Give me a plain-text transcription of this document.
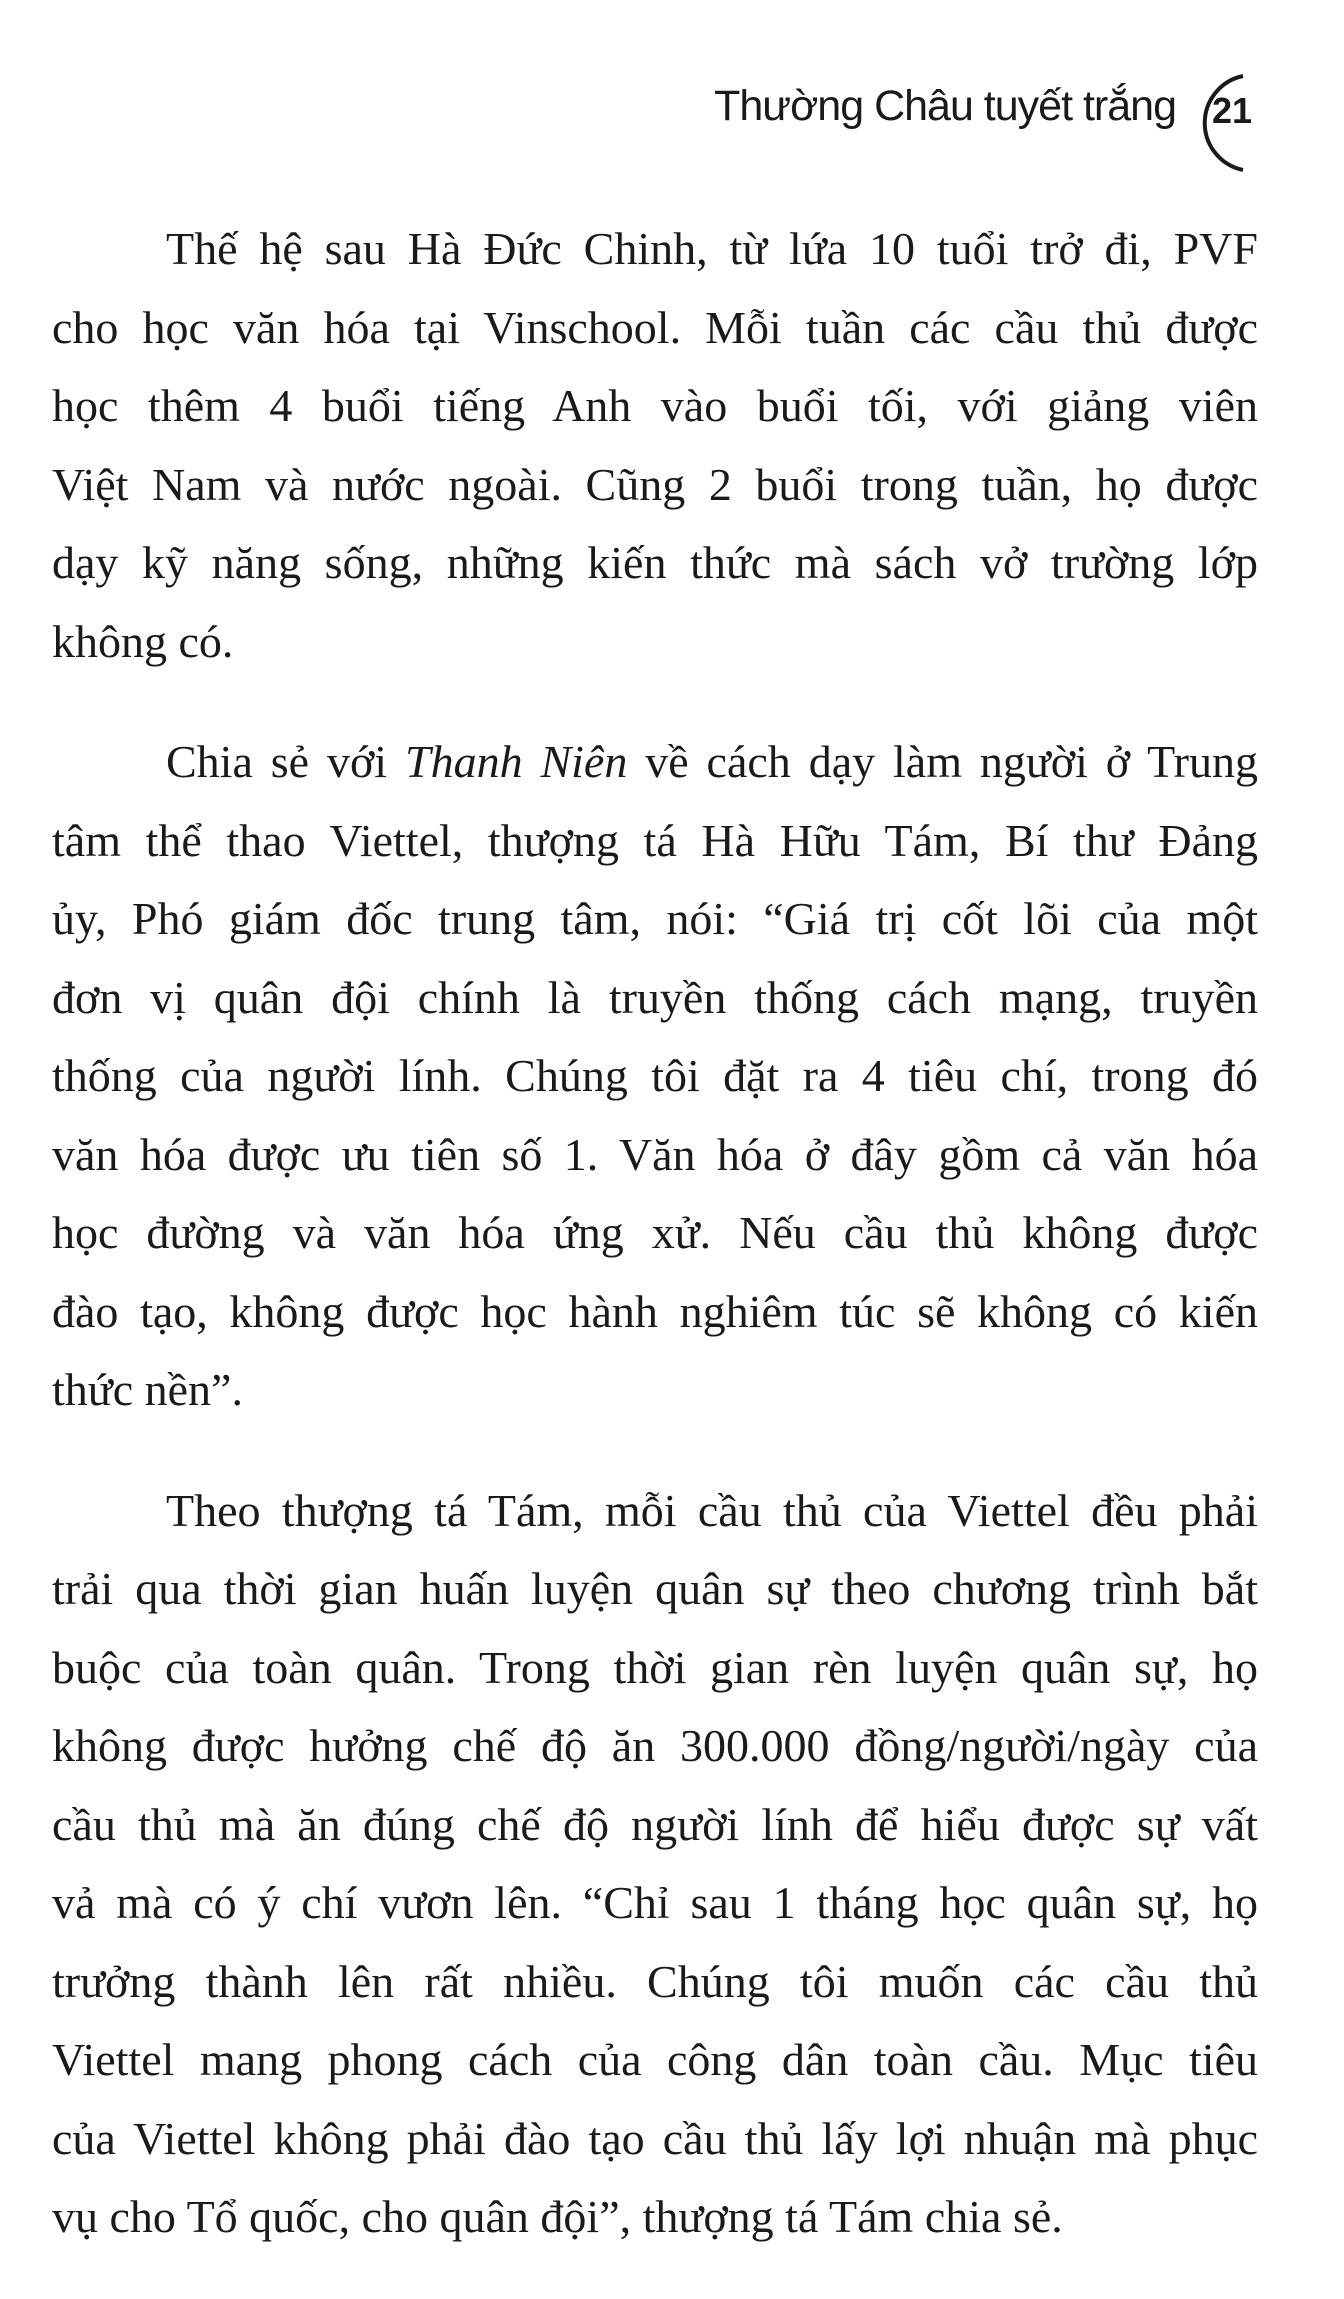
Thường Châu tuyết trắng 21
Thế hệ sau Hà Đức Chinh, từ lứa 10 tuổi trở đi, PVF
cho học văn hóa tại Vinschool. Mỗi tuần các cầu thủ được
học thêm 4 buổi tiếng Anh vào buổi tối, với giảng viên
Việt Nam và nước ngoài. Cũng 2 buổi trong tuần, họ được
dạy kỹ năng sống, những kiến thức mà sách vở trường lớp
không có.
Chia sẻ với Thanh Niên về cách dạy làm người ở Trung
tâm thể thao Viettel, thượng tá Hà Hữu Tám, Bí thư Đảng
ủy, Phó giám đốc trung tâm, nói: “Giá trị cốt lõi của một
đơn vị quân đội chính là truyền thống cách mạng, truyền
thống của người lính. Chúng tôi đặt ra 4 tiêu chí, trong đó
văn hóa được ưu tiên số 1. Văn hóa ở đây gồm cả văn hóa
học đường và văn hóa ứng xử. Nếu cầu thủ không được
đào tạo, không được học hành nghiêm túc sẽ không có kiến
thức nền”.
Theo thượng tá Tám, mỗi cầu thủ của Viettel đều phải
trải qua thời gian huấn luyện quân sự theo chương trình bắt
buộc của toàn quân. Trong thời gian rèn luyện quân sự, họ
không được hưởng chế độ ăn 300.000 đồng/người/ngày của
cầu thủ mà ăn đúng chế độ người lính để hiểu được sự vất
vả mà có ý chí vươn lên. “Chỉ sau 1 tháng học quân sự, họ
trưởng thành lên rất nhiều. Chúng tôi muốn các cầu thủ
Viettel mang phong cách của công dân toàn cầu. Mục tiêu
của Viettel không phải đào tạo cầu thủ lấy lợi nhuận mà phục
vụ cho Tổ quốc, cho quân đội”, thượng tá Tám chia sẻ.
